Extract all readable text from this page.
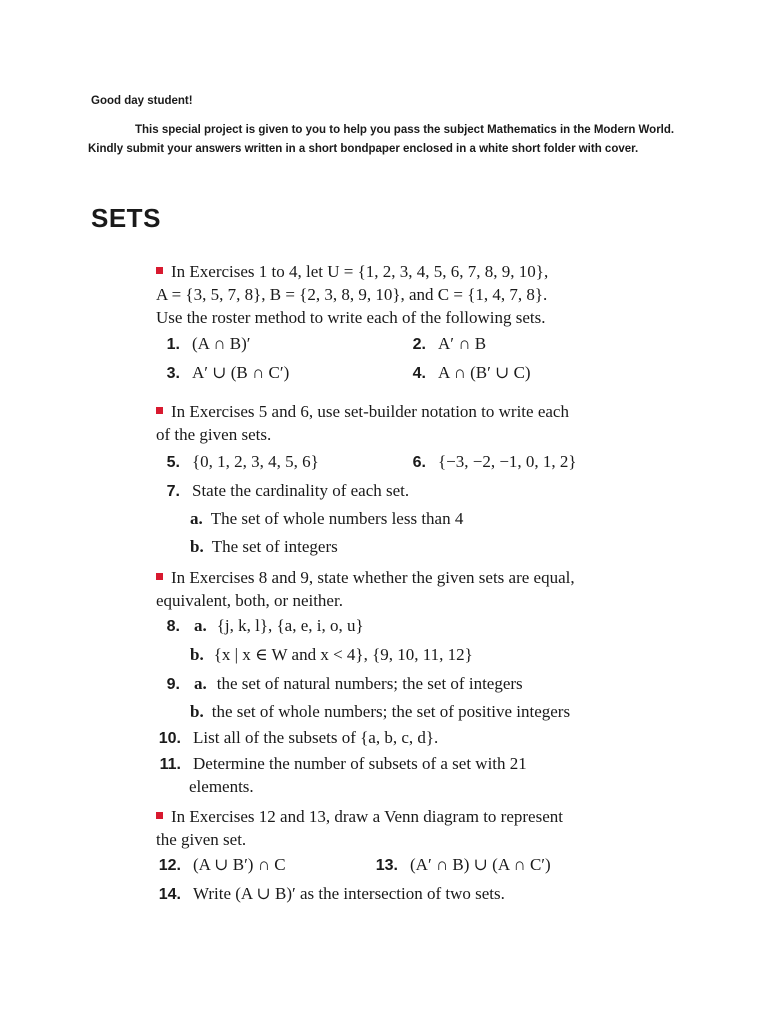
Good day student!
This special project is given to you to help you pass the subject Mathematics in the Modern World.
Kindly submit your answers written in a short bondpaper enclosed in a white short folder with cover.
SETS
In Exercises 1 to 4, let U = {1, 2, 3, 4, 5, 6, 7, 8, 9, 10},
A = {3, 5, 7, 8}, B = {2, 3, 8, 9, 10}, and C = {1, 4, 7, 8}.
Use the roster method to write each of the following sets.
1. (A ∩ B)′	2. A′ ∩ B
3. A′ ∪ (B ∩ C′)	4. A ∩ (B′ ∪ C)
In Exercises 5 and 6, use set-builder notation to write each
of the given sets.
5. {0, 1, 2, 3, 4, 5, 6}	6. {−3, −2, −1, 0, 1, 2}
7. State the cardinality of each set.
a. The set of whole numbers less than 4
b. The set of integers
In Exercises 8 and 9, state whether the given sets are equal,
equivalent, both, or neither.
8. a. {j, k, l}, {a, e, i, o, u}
b. {x | x ∈ W and x < 4}, {9, 10, 11, 12}
9. a. the set of natural numbers; the set of integers
b. the set of whole numbers; the set of positive integers
10. List all of the subsets of {a, b, c, d}.
11. Determine the number of subsets of a set with 21
elements.
In Exercises 12 and 13, draw a Venn diagram to represent
the given set.
12. (A ∪ B′) ∩ C	13. (A′ ∩ B) ∪ (A ∩ C′)
14. Write (A ∪ B)′ as the intersection of two sets.
